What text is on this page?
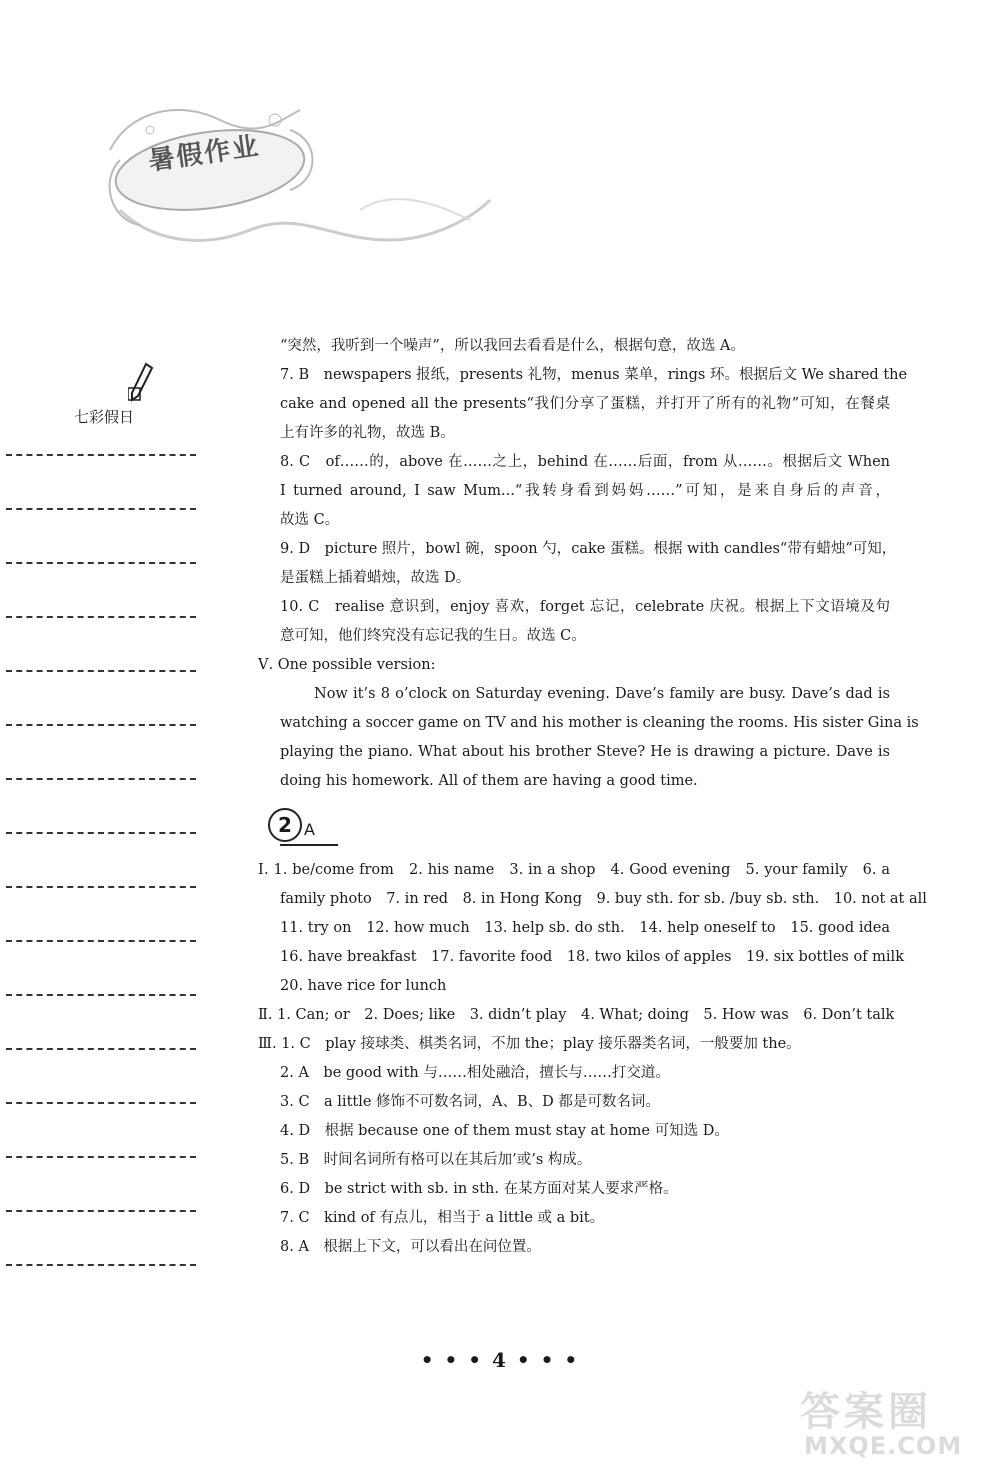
暑假作业
七彩假日
“突然，我听到一个噪声”，所以我回去看看是什么，根据句意，故选 A。
7. B　newspapers 报纸，presents 礼物，menus 菜单，rings 环。根据后文 We shared the
cake and opened all the presents“我们分享了蛋糕，并打开了所有的礼物”可知，在餐桌
上有许多的礼物，故选 B。
8. C　of……的，above 在……之上，behind 在……后面，from 从……。根据后文 When
I turned around, I saw Mum...“我转身看到妈妈……”可知，是来自身后的声音，
故选 C。
9. D　picture 照片，bowl 碗，spoon 勺，cake 蛋糕。根据 with candles“带有蜡烛”可知，
是蛋糕上插着蜡烛，故选 D。
10. C　realise 意识到，enjoy 喜欢，forget 忘记，celebrate 庆祝。根据上下文语境及句
意可知，他们终究没有忘记我的生日。故选 C。
Ⅴ. One possible version:
Now it’s 8 o’clock on Saturday evening. Dave’s family are busy. Dave’s dad is
watching a soccer game on TV and his mother is cleaning the rooms. His sister Gina is
playing the piano. What about his brother Steve? He is drawing a picture. Dave is
doing his homework. All of them are having a good time.
2 A
Ⅰ. 1. be/come from　2. his name　3. in a shop　4. Good evening　5. your family　6. a
family photo　7. in red　8. in Hong Kong　9. buy sth. for sb. /buy sb. sth.　10. not at all
11. try on　12. how much　13. help sb. do sth.　14. help oneself to　15. good idea
16. have breakfast　17. favorite food　18. two kilos of apples　19. six bottles of milk
20. have rice for lunch
Ⅱ. 1. Can; or　2. Does; like　3. didn’t play　4. What; doing　5. How was　6. Don’t talk
Ⅲ. 1. C　play 接球类、棋类名词，不加 the；play 接乐器类名词，一般要加 the。
2. A　be good with 与……相处融洽，擅长与……打交道。
3. C　a little 修饰不可数名词，A、B、D 都是可数名词。
4. D　根据 because one of them must stay at home 可知选 D。
5. B　时间名词所有格可以在其后加’或’s 构成。
6. D　be strict with sb. in sth. 在某方面对某人要求严格。
7. C　kind of 有点儿，相当于 a little 或 a bit。
8. A　根据上下文，可以看出在问位置。
• • • 4 • • •
答案圈
MXQE.COM
